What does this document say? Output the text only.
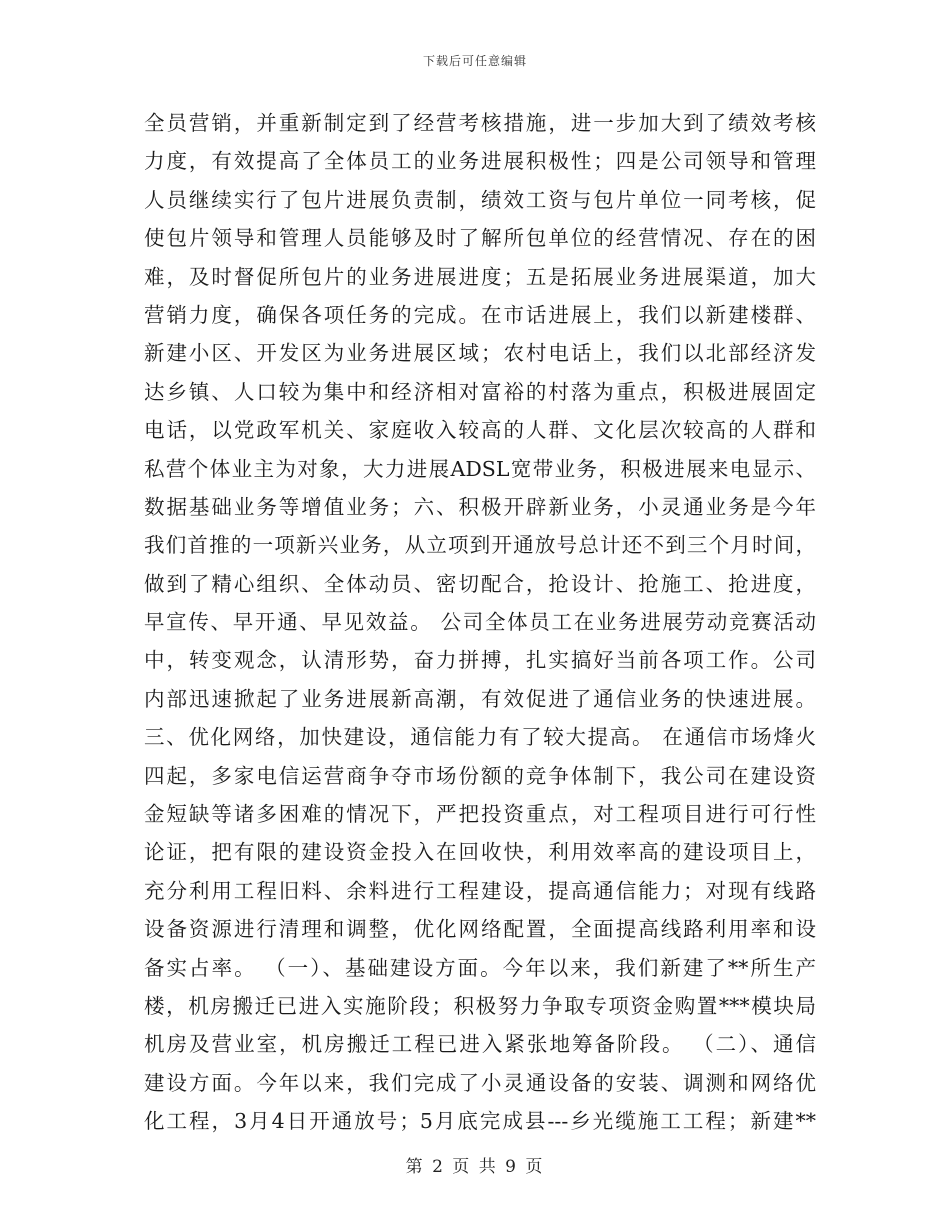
下载后可任意编辑
全员营销，并重新制定到了经营考核措施，进一步加大到了绩效考核
力度，有效提高了全体员工的业务进展积极性；四是公司领导和管理
人员继续实行了包片进展负责制，绩效工资与包片单位一同考核，促
使包片领导和管理人员能够及时了解所包单位的经营情况、存在的困
难，及时督促所包片的业务进展进度；五是拓展业务进展渠道，加大
营销力度，确保各项任务的完成。在市话进展上，我们以新建楼群、
新建小区、开发区为业务进展区域；农村电话上，我们以北部经济发
达乡镇、人口较为集中和经济相对富裕的村落为重点，积极进展固定
电话，以党政军机关、家庭收入较高的人群、文化层次较高的人群和
私营个体业主为对象，大力进展ADSL宽带业务，积极进展来电显示、
数据基础业务等增值业务；六、积极开辟新业务，小灵通业务是今年
我们首推的一项新兴业务，从立项到开通放号总计还不到三个月时间，
做到了精心组织、全体动员、密切配合，抢设计、抢施工、抢进度，
早宣传、早开通、早见效益。 公司全体员工在业务进展劳动竞赛活动
中，转变观念，认清形势，奋力拼搏，扎实搞好当前各项工作。公司
内部迅速掀起了业务进展新高潮，有效促进了通信业务的快速进展。
三、优化网络，加快建设，通信能力有了较大提高。 在通信市场烽火
四起，多家电信运营商争夺市场份额的竞争体制下，我公司在建设资
金短缺等诸多困难的情况下，严把投资重点，对工程项目进行可行性
论证，把有限的建设资金投入在回收快，利用效率高的建设项目上，
充分利用工程旧料、余料进行工程建设，提高通信能力；对现有线路
设备资源进行清理和调整，优化网络配置，全面提高线路利用率和设
备实占率。 （一）、基础建设方面。今年以来，我们新建了**所生产
楼，机房搬迁已进入实施阶段；积极努力争取专项资金购置***模块局
机房及营业室，机房搬迁工程已进入紧张地筹备阶段。 （二）、通信
建设方面。今年以来，我们完成了小灵通设备的安装、调测和网络优
化工程，3月4日开通放号；5月底完成县---乡光缆施工工程；新建**
第 2 页 共 9 页
